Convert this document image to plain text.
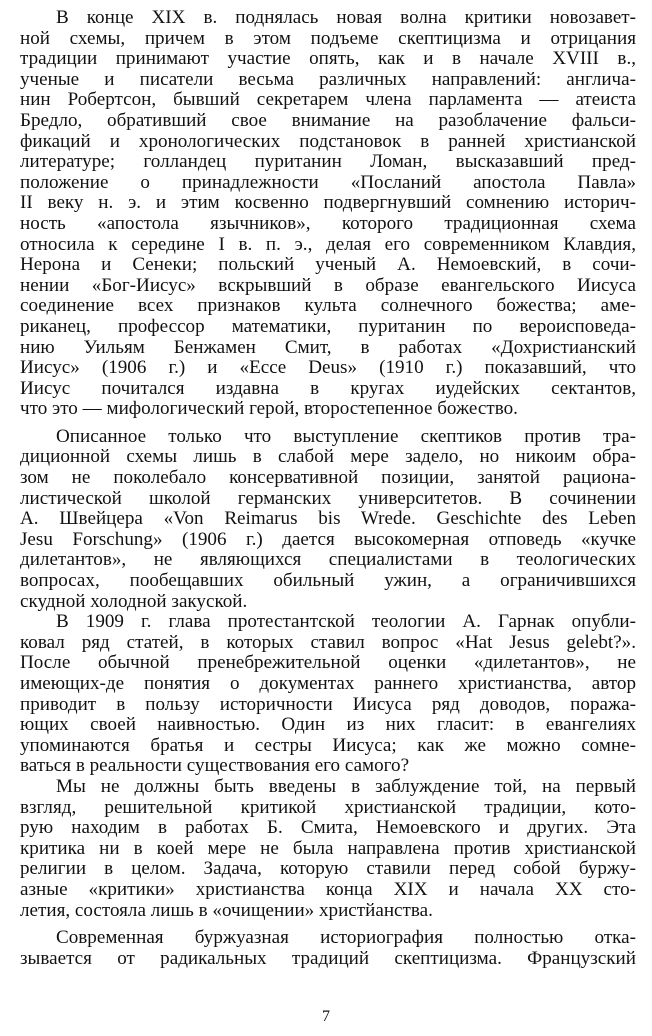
В конце XIX в. поднялась новая волна критики новозавет-
ной схемы, причем в этом подъеме скептицизма и отрицания
традиции принимают участие опять, как и в начале XVIII в.,
ученые и писатели весьма различных направлений: англича-
нин Робертсон, бывший секретарем члена парламента — атеиста
Бредло, обративший свое внимание на разоблачение фальси-
фикаций и хронологических подстановок в ранней христианской
литературе; голландец пуританин Ломан, высказавший пред-
положение о принадлежности «Посланий апостола Павла»
II веку н. э. и этим косвенно подвергнувший сомнению историч-
ность «апостола язычников», которого традиционная схема
относила к середине I в. п. э., делая его современником Клавдия,
Нерона и Сенеки; польский ученый А. Немоевский, в сочи-
нении «Бог-Иисус» вскрывший в образе евангельского Иисуса
соединение всех признаков культа солнечного божества; аме-
риканец, профессор математики, пуританин по вероисповеда-
нию Уильям Бенжамен Смит, в работах «Дохристианский
Иисус» (1906 г.) и «Ecce Deus» (1910 г.) показавший, что
Иисус почитался издавна в кругах иудейских сектантов,
что это — мифологический герой, второстепенное божество.
Описанное только что выступление скептиков против тра-
диционной схемы лишь в слабой мере задело, но никоим обра-
зом не поколебало консервативной позиции, занятой рациона-
листической школой германских университетов. В сочинении
А. Швейцера «Von Reimarus bis Wrede. Geschichte des Leben
Jesu Forschung» (1906 г.) дается высокомерная отповедь «кучке
дилетантов», не являющихся специалистами в теологических
вопросах, пообещавших обильный ужин, а ограничившихся
скудной холодной закуской.
В 1909 г. глава протестантской теологии А. Гарнак опубли-
ковал ряд статей, в которых ставил вопрос «Hat Jesus gelebt?».
После обычной пренебрежительной оценки «дилетантов», не
имеющих-де понятия о документах раннего христианства, автор
приводит в пользу историчности Иисуса ряд доводов, поража-
ющих своей наивностью. Один из них гласит: в евангелиях
упоминаются братья и сестры Иисуса; как же можно сомне-
ваться в реальности существования его самого?
Мы не должны быть введены в заблуждение той, на первый
взгляд, решительной критикой христианской традиции, кото-
рую находим в работах Б. Смита, Немоевского и других. Эта
критика ни в коей мере не была направлена против христианской
религии в целом. Задача, которую ставили перед собой буржу-
азные «критики» христианства конца XIX и начала XX сто-
летия, состояла лишь в «очищении» христйанства.
Современная буржуазная историография полностью отка-
зывается от радикальных традиций скептицизма. Французский
7
